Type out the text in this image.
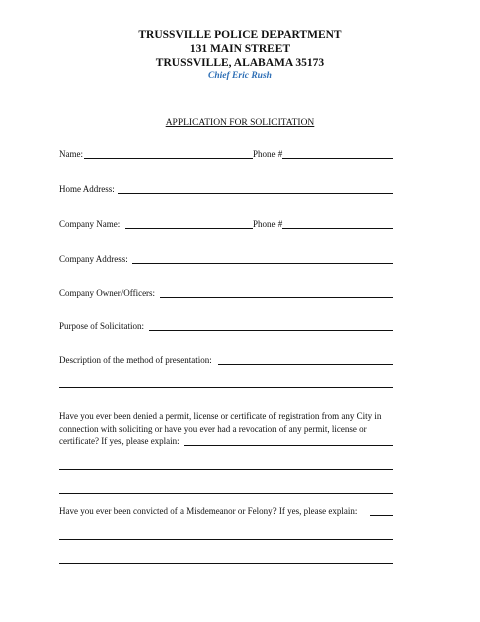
TRUSSVILLE POLICE DEPARTMENT
131 MAIN STREET
TRUSSVILLE, ALABAMA 35173
Chief Eric Rush
APPLICATION FOR SOLICITATION
Name:	Phone #
Home Address:
Company Name:	Phone #
Company Address:
Company Owner/Officers:
Purpose of Solicitation:
Description of the method of presentation:
Have you ever been denied a permit, license or certificate of registration from any City in
connection with soliciting or have you ever had a revocation of any permit, license or
certificate? If yes, please explain:
Have you ever been convicted of a Misdemeanor or Felony? If yes, please explain:
